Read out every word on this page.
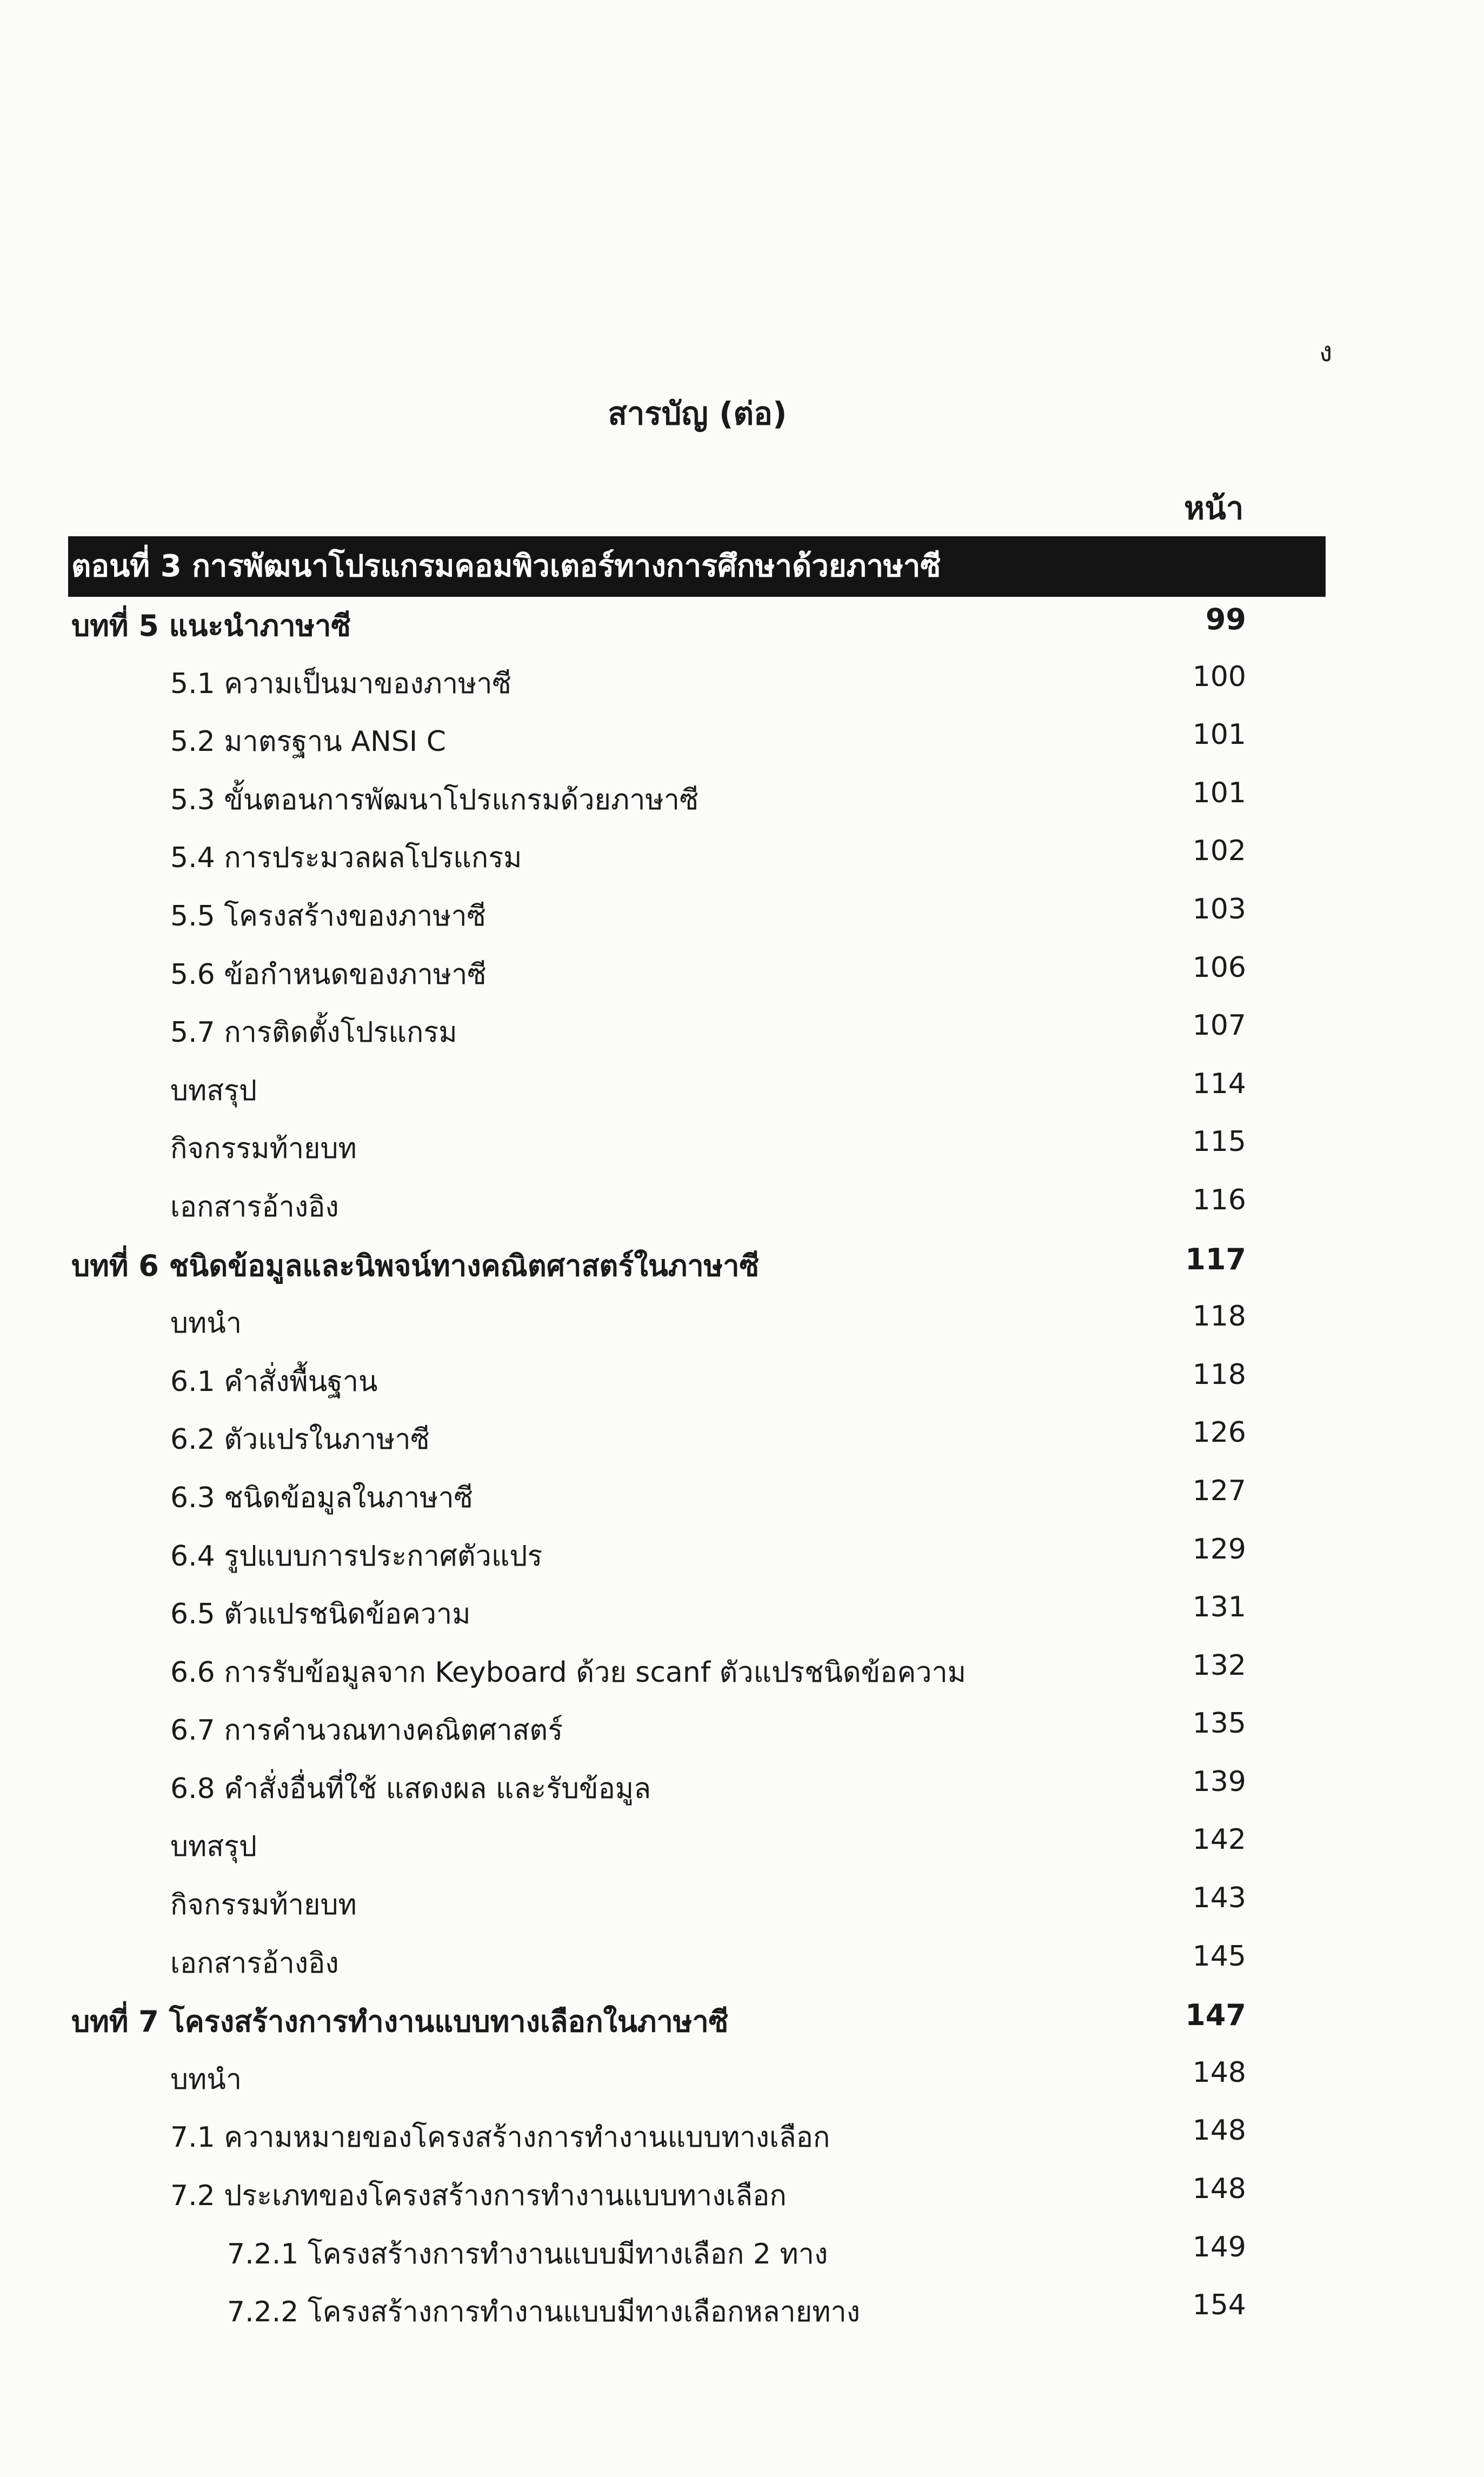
ง
สารบัญ (ต่อ)
หน้า
ตอนที่ 3 การพัฒนาโปรแกรมคอมพิวเตอร์ทางการศึกษาด้วยภาษาซี
บทที่ 5 แนะนำภาษาซี	99
5.1 ความเป็นมาของภาษาซี	100
5.2 มาตรฐาน ANSI C	101
5.3 ขั้นตอนการพัฒนาโปรแกรมด้วยภาษาซี	101
5.4 การประมวลผลโปรแกรม	102
5.5 โครงสร้างของภาษาซี	103
5.6 ข้อกำหนดของภาษาซี	106
5.7 การติดตั้งโปรแกรม	107
บทสรุป	114
กิจกรรมท้ายบท	115
เอกสารอ้างอิง	116
บทที่ 6 ชนิดข้อมูลและนิพจน์ทางคณิตศาสตร์ในภาษาซี	117
บทนำ	118
6.1 คำสั่งพื้นฐาน	118
6.2 ตัวแปรในภาษาซี	126
6.3 ชนิดข้อมูลในภาษาซี	127
6.4 รูปแบบการประกาศตัวแปร	129
6.5 ตัวแปรชนิดข้อความ	131
6.6 การรับข้อมูลจาก Keyboard ด้วย scanf ตัวแปรชนิดข้อความ	132
6.7 การคำนวณทางคณิตศาสตร์	135
6.8 คำสั่งอื่นที่ใช้ แสดงผล และรับข้อมูล	139
บทสรุป	142
กิจกรรมท้ายบท	143
เอกสารอ้างอิง	145
บทที่ 7 โครงสร้างการทำงานแบบทางเลือกในภาษาซี	147
บทนำ	148
7.1 ความหมายของโครงสร้างการทำงานแบบทางเลือก	148
7.2 ประเภทของโครงสร้างการทำงานแบบทางเลือก	148
7.2.1 โครงสร้างการทำงานแบบมีทางเลือก 2 ทาง	149
7.2.2 โครงสร้างการทำงานแบบมีทางเลือกหลายทาง	154
